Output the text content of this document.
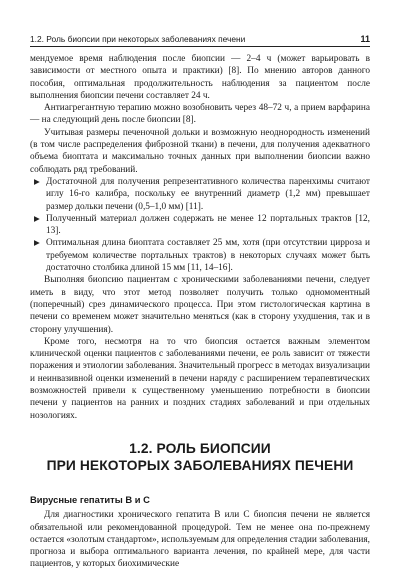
1.2. Роль биопсии при некоторых заболеваниях печени	11

мендуемое время наблюдения после биопсии — 2–4 ч (может варьировать в зависимости от местного опыта и практики) [8]. По мнению авторов данного пособия, оптимальная продолжительность наблюдения за пациентом после выполнения биопсии печени составляет 24 ч.

Антиагрегантную терапию можно возобновить через 48–72 ч, а прием варфарина — на следующий день после биопсии [8].

Учитывая размеры печеночной дольки и возможную неоднородность изменений (в том числе распределения фиброзной ткани) в печени, для получения адекватного объема биоптата и максимально точных данных при выполнении биопсии важно соблюдать ряд требований.

▶ Достаточной для получения репрезентативного количества паренхимы считают иглу 16-го калибра, поскольку ее внутренний диаметр (1,2 мм) превышает размер дольки печени (0,5–1,0 мм) [11].
▶ Полученный материал должен содержать не менее 12 портальных трактов [12, 13].
▶ Оптимальная длина биоптата составляет 25 мм, хотя (при отсутствии цирроза и требуемом количестве портальных трактов) в некоторых случаях может быть достаточно столбика длиной 15 мм [11, 14–16].

Выполняя биопсию пациентам с хроническими заболеваниями печени, следует иметь в виду, что этот метод позволяет получить только одномоментный (поперечный) срез динамического процесса. При этом гистологическая картина в печени со временем может значительно меняться (как в сторону ухудшения, так и в сторону улучшения).

Кроме того, несмотря на то что биопсия остается важным элементом клинической оценки пациентов с заболеваниями печени, ее роль зависит от тяжести поражения и этиологии заболевания. Значительный прогресс в методах визуализации и неинвазивной оценки изменений в печени наряду с расширением терапевтических возможностей привели к существенному уменьшению потребности в биопсии печени у пациентов на ранних и поздних стадиях заболеваний и при отдельных нозологиях.

1.2. РОЛЬ БИОПСИИ
ПРИ НЕКОТОРЫХ ЗАБОЛЕВАНИЯХ ПЕЧЕНИ
Вирусные гепатиты В и С

Для диагностики хронического гепатита В или С биопсия печени не является обязательной или рекомендованной процедурой. Тем не менее она по-прежнему остается «золотым стандартом», используемым для определения стадии заболевания, прогноза и выбора оптимального варианта лечения, по крайней мере, для части пациентов, у которых биохимические
